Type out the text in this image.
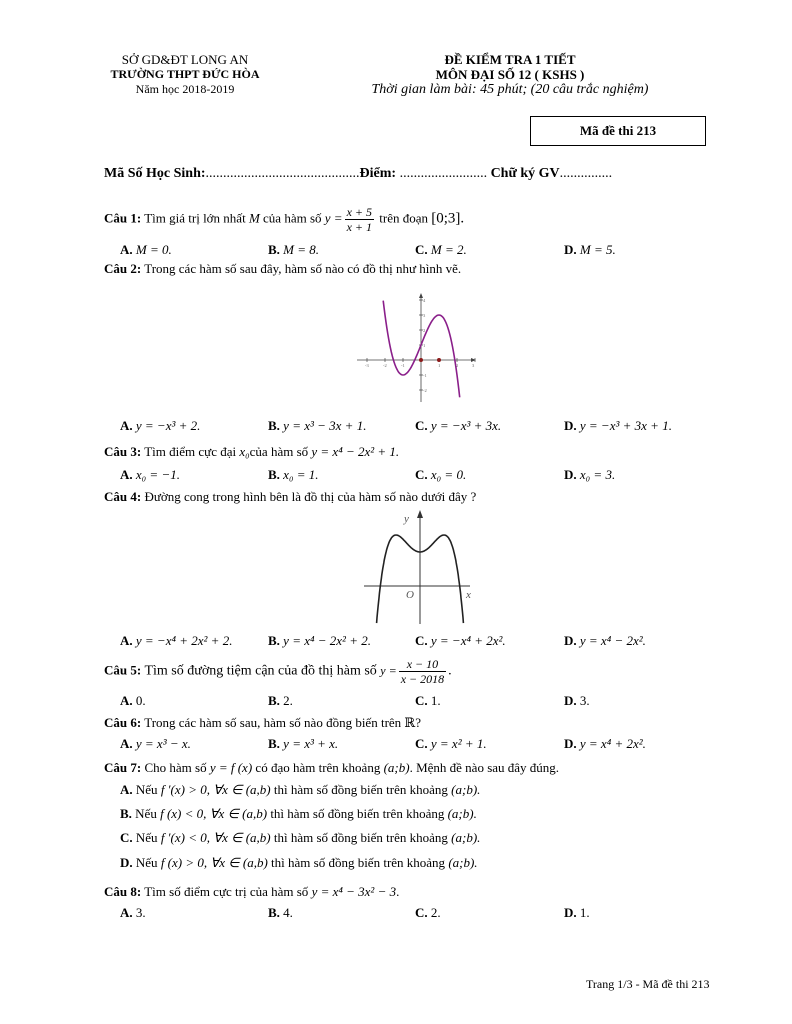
SỞ GD&ĐT LONG AN
TRƯỜNG THPT ĐỨC HÒA
Năm học 2018-2019
ĐỀ KIỂM TRA 1 TIẾT
MÔN ĐẠI SỐ 12 ( KSHS )
Thời gian làm bài: 45 phút; (20 câu trắc nghiệm)
Mã đề thi 213
Mã Số Học Sinh:............................................Điểm: ......................... Chữ ký GV...............
Câu 1: Tìm giá trị lớn nhất M của hàm số $y = \frac{x + 5}{x + 1}$ trên đoạn [0;3].
A. M = 0.	B. M = 8.	C. M = 2.	D. M = 5.
Câu 2: Trong các hàm số sau đây, hàm số nào có đồ thị như hình vẽ.
4
3
2
1
-1
-2
-3	-2	-1	1	2	3
A. y = −x³ + 2.	B. y = x³ − 3x + 1.	C. y = −x³ + 3x.	D. y = −x³ + 3x + 1.
Câu 3: Tìm điểm cực đại x₀của hàm số y = x⁴ − 2x² + 1.
A. x₀ = −1.	B. x₀ = 1.	C. x₀ = 0.	D. x₀ = 3.
Câu 4: Đường cong trong hình bên là đồ thị của hàm số nào dưới đây ?
y
x
O
A. y = −x⁴ + 2x² + 2.	B. y = x⁴ − 2x² + 2.	C. y = −x⁴ + 2x².	D. y = x⁴ − 2x².
Câu 5: Tìm số đường tiệm cận của đồ thị hàm số $y = \frac{x - 10}{x - 2018}$ .
A. 0.	B. 2.	C. 1.	D. 3.
Câu 6: Trong các hàm số sau, hàm số nào đồng biến trên ℝ?
A. y = x³ − x.	B. y = x³ + x.	C. y = x² + 1.	D. y = x⁴ + 2x².
Câu 7: Cho hàm số y = f (x) có đạo hàm trên khoảng (a;b). Mệnh đề nào sau đây đúng.
A. Nếu f ′(x) > 0, ∀x ∈ (a,b) thì hàm số đồng biến trên khoảng (a;b).
B. Nếu f (x) < 0, ∀x ∈ (a,b) thì hàm số đồng biến trên khoảng (a;b).
C. Nếu f ′(x) < 0, ∀x ∈ (a,b) thì hàm số đồng biến trên khoảng (a;b).
D. Nếu f (x) > 0, ∀x ∈ (a,b) thì hàm số đồng biến trên khoảng (a;b).
Câu 8: Tìm số điểm cực trị của hàm số y = x⁴ − 3x² − 3.
A. 3.	B. 4.	C. 2.	D. 1.
Trang 1/3 - Mã đề thi 213
